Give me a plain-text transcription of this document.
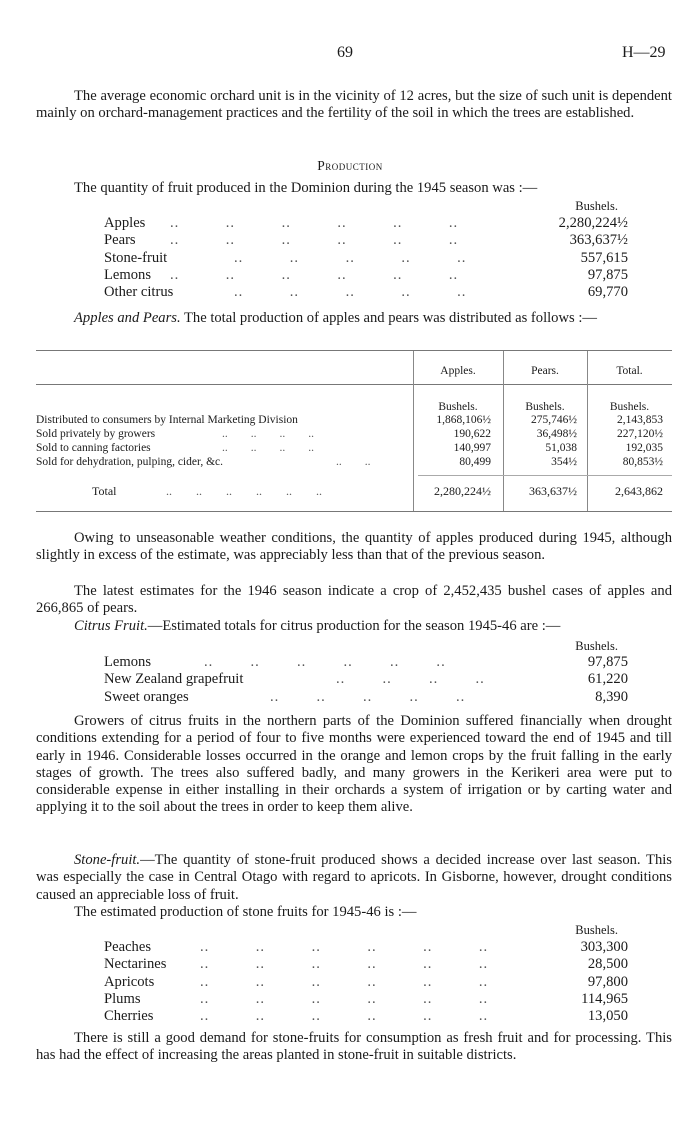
69	H—29

The average economic orchard unit is in the vicinity of 12 acres, but the size of such unit is dependent mainly on orchard-management practices and the fertility of the soil in which the trees are established.

Production

The quantity of fruit produced in the Dominion during the 1945 season was :—

Bushels.
Apples ..          ..          ..          ..          ..          ..	2,280,224½
Pears ..          ..          ..          ..          ..          ..	363,637½
Stone-fruit	..          ..          ..          ..          ..	557,615
Lemons ..          ..          ..          ..          ..          ..	97,875
Other citrus	..          ..          ..          ..          ..	69,770

Apples and Pears. The total production of apples and pears was distributed as follows :—

Apples.	Pears.	Total.
Bushels.	Bushels.	Bushels.
Distributed to consumers by Internal Marketing Division	1,868,106½	275,746½	2,143,853
Sold privately by growers	..        ..        ..        ..	190,622	36,498½	227,120½
Sold to canning factories	..        ..        ..        ..	140,997	51,038	192,035
Sold for dehydration, pulping, cider, &c.	..        ..	80,499	354½	80,853½
Total	..        ..        ..        ..        ..        ..	2,280,224½	363,637½	2,643,862

Owing to unseasonable weather conditions, the quantity of apples produced during 1945, although slightly in excess of the estimate, was appreciably less than that of the previous season.

The latest estimates for the 1946 season indicate a crop of 2,452,435 bushel cases of apples and 266,865 of pears.

Citrus Fruit.—Estimated totals for citrus production for the season 1945-46 are :—

Bushels.
Lemons	..        ..        ..        ..        ..        ..	97,875
New Zealand grapefruit	..        ..        ..        ..	61,220
Sweet oranges	..        ..        ..        ..        ..	8,390

Growers of citrus fruits in the northern parts of the Dominion suffered financially when drought conditions extending for a period of four to five months were experienced toward the end of 1945 and till early in 1946. Considerable losses occurred in the orange and lemon crops by the fruit falling in the early stages of growth. The trees also suffered badly, and many growers in the Kerikeri area were put to considerable expense in either installing in their orchards a system of irrigation or by carting water and applying it to the soil about the trees in order to keep them alive.

Stone-fruit.—The quantity of stone-fruit produced shows a decided increase over last season. This was especially the case in Central Otago with regard to apricots. In Gisborne, however, drought conditions caused an appreciable loss of fruit.

The estimated production of stone fruits for 1945-46 is :—

Bushels.
Peaches	..          ..          ..          ..          ..          ..	303,300
Nectarines ..          ..          ..          ..          ..          ..	28,500
Apricots	..          ..          ..          ..          ..          ..	97,800
Plums	..          ..          ..          ..          ..          ..	114,965
Cherries	..          ..          ..          ..          ..          ..	13,050

There is still a good demand for stone-fruits for consumption as fresh fruit and for processing. This has had the effect of increasing the areas planted in stone-fruit in suitable districts.
